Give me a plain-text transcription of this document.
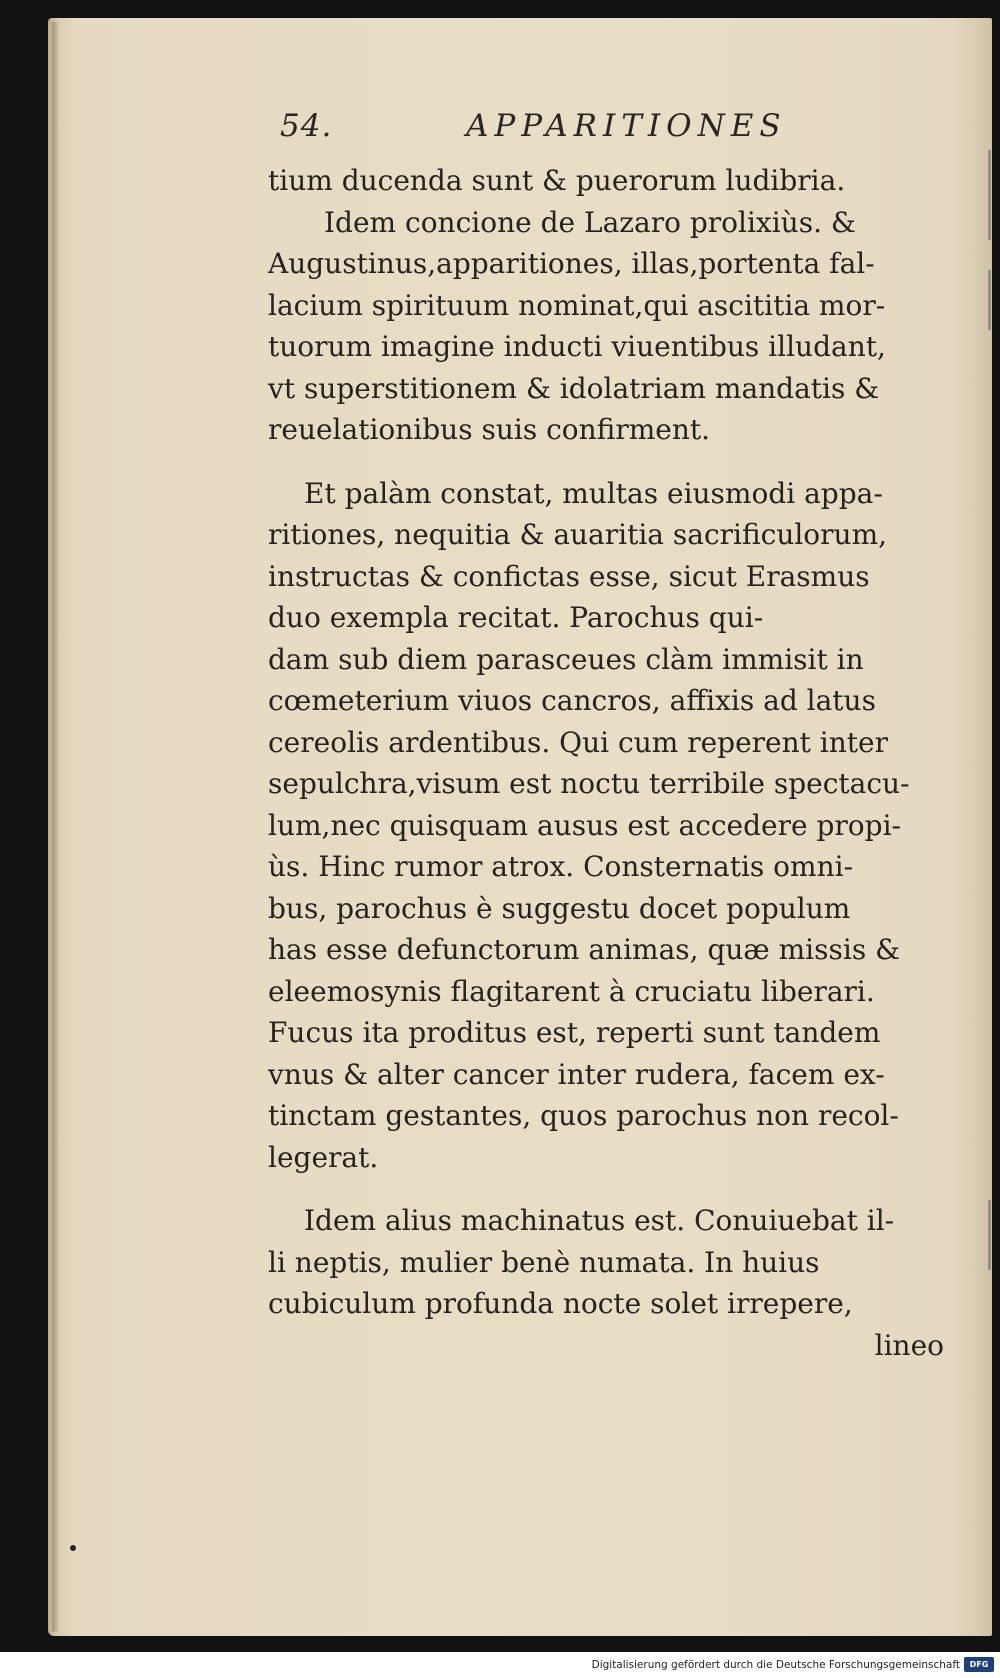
54.	APPARITIONES
tium ducenda sunt & puerorum ludibria.
Idem concione de Lazaro prolixiùs. &
Augustinus,apparitiones, illas,portenta fal-
lacium spirituum nominat,qui ascititia mor-
tuorum imagine inducti viuentibus illudant,
vt superstitionem & idolatriam mandatis &
reuelationibus suis confirment.
Et palàm constat, multas eiusmodi appa-
ritiones, nequitia & auaritia sacrificulorum,
instructas & confictas esse, sicut Erasmus
duo exempla recitat. Parochus qui-
dam sub diem parasceues clàm immisit in
cœmeterium viuos cancros, affixis ad latus
cereolis ardentibus. Qui cum reperent inter
sepulchra,visum est noctu terribile spectacu-
lum,nec quisquam ausus est accedere propi-
ùs. Hinc rumor atrox. Consternatis omni-
bus, parochus è suggestu docet populum
has esse defunctorum animas, quæ missis &
eleemosynis flagitarent à cruciatu liberari.
Fucus ita proditus est, reperti sunt tandem
vnus & alter cancer inter rudera, facem ex-
tinctam gestantes, quos parochus non recol-
legerat.
Idem alius machinatus est. Conuiuebat il-
li neptis, mulier benè numata. In huius
cubiculum profunda nocte solet irrepere,
lineo
Digitalisierung gefördert durch die Deutsche Forschungsgemeinschaft	DFG
